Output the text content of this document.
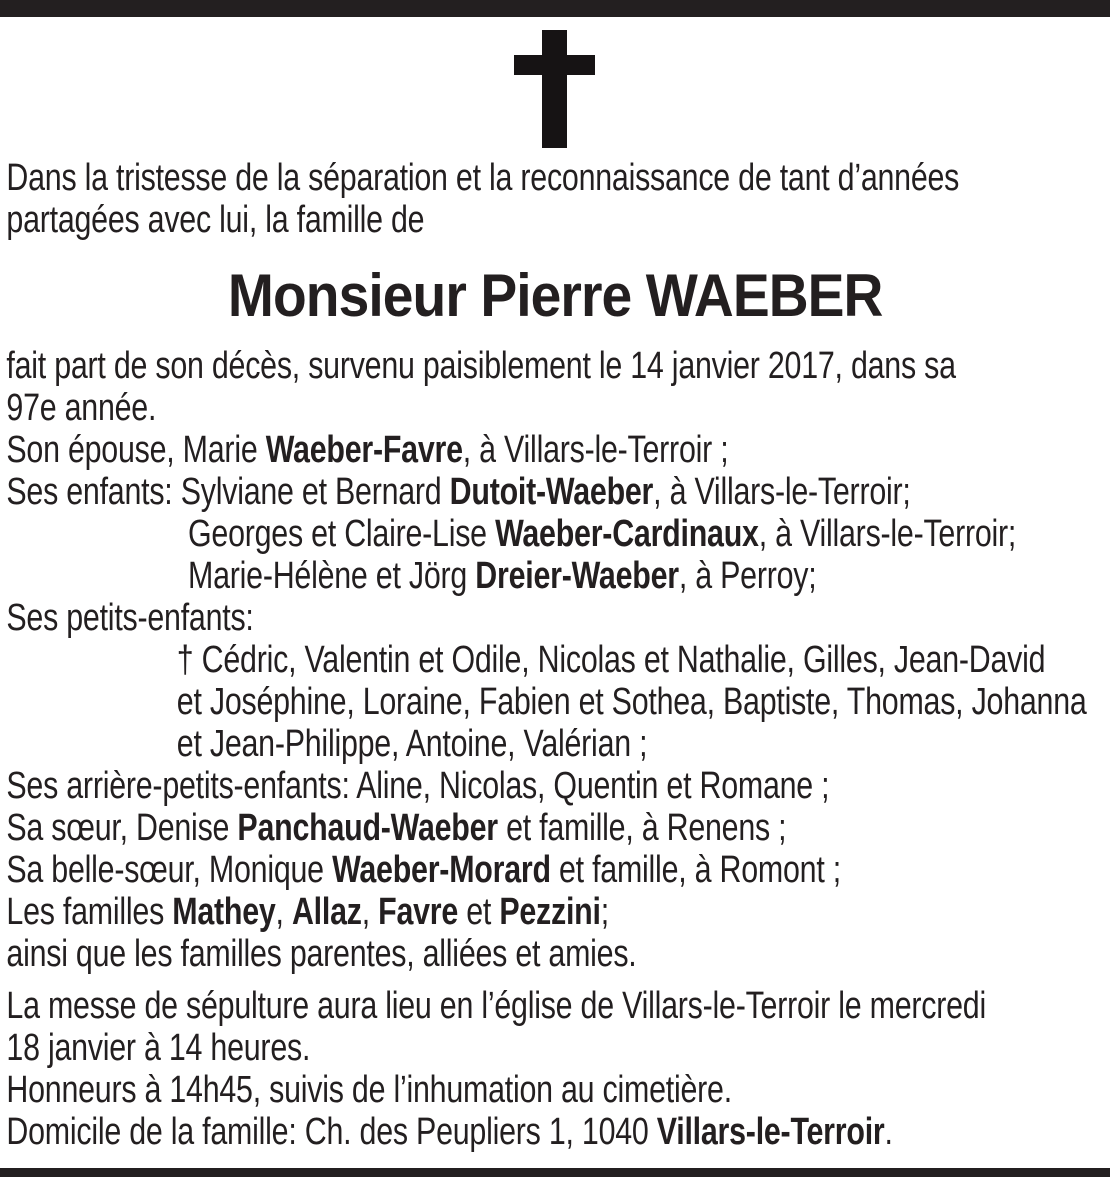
Dans la tristesse de la séparation et la reconnaissance de tant d’années
partagées avec lui, la famille de
fait part de son décès, survenu paisiblement le 14 janvier 2017, dans sa
97e année.
Son épouse, Marie Waeber-Favre, à Villars-le-Terroir ;
Ses enfants: Sylviane et Bernard Dutoit-Waeber, à Villars-le-Terroir;
Georges et Claire-Lise Waeber-Cardinaux, à Villars-le-Terroir;
Marie-Hélène et Jörg Dreier-Waeber, à Perroy;
Ses petits-enfants:
† Cédric, Valentin et Odile, Nicolas et Nathalie, Gilles, Jean-David
et Joséphine, Loraine, Fabien et Sothea, Baptiste, Thomas, Johanna
et Jean-Philippe, Antoine, Valérian ;
Ses arrière-petits-enfants: Aline, Nicolas, Quentin et Romane ;
Sa sœur, Denise Panchaud-Waeber et famille, à Renens ;
Sa belle-sœur, Monique Waeber-Morard et famille, à Romont ;
Les familles Mathey, Allaz, Favre et Pezzini;
ainsi que les familles parentes, alliées et amies.
La messe de sépulture aura lieu en l’église de Villars-le-Terroir le mercredi
18 janvier à 14 heures.
Honneurs à 14h45, suivis de l’inhumation au cimetière.
Domicile de la famille: Ch. des Peupliers 1, 1040 Villars-le-Terroir.
Monsieur Pierre WAEBER
